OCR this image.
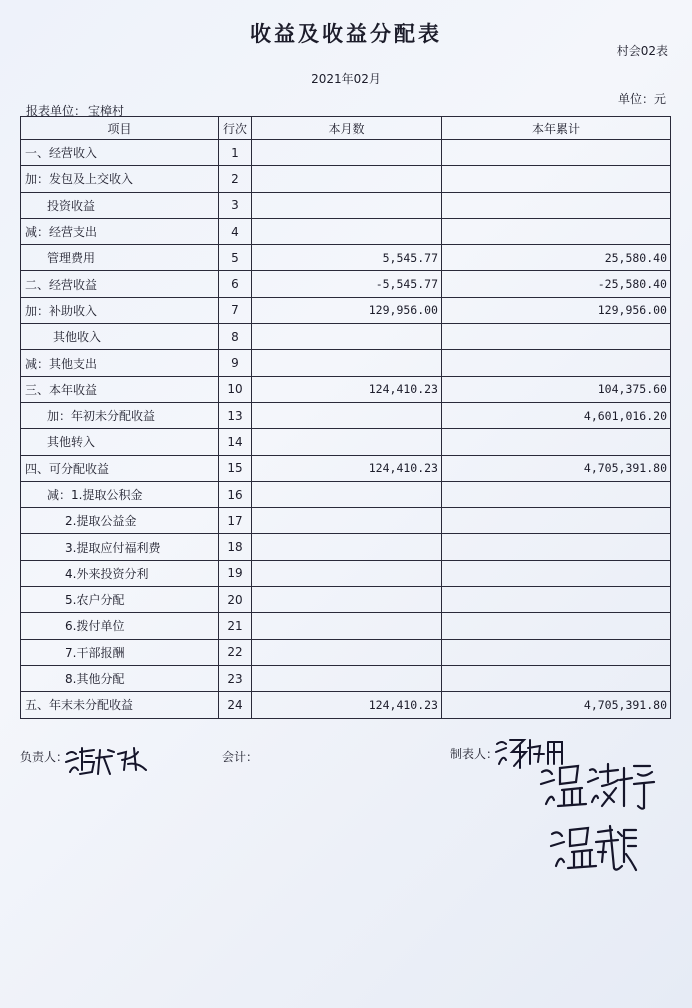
收益及收益分配表
村会02表
2021年02月
单位：元
报表单位： 宝樟村
项目	行次	本月数	本年累计
一、经营收入	1		
加：发包及上交收入	2		
投资收益	3		
减：经营支出	4		
管理费用	5	5,545.77	25,580.40
二、经营收益	6	-5,545.77	-25,580.40
加：补助收入	7	129,956.00	129,956.00
其他收入	8		
减：其他支出	9		
三、本年收益	10	124,410.23	104,375.60
加：年初未分配收益	13		4,601,016.20
其他转入	14		
四、可分配收益	15	124,410.23	4,705,391.80
减：1.提取公积金	16		
2.提取公益金	17		
3.提取应付福利费	18		
4.外来投资分利	19		
5.农户分配	20		
6.拨付单位	21		
7.干部报酬	22		
8.其他分配	23		
五、年末未分配收益	24	124,410.23	4,705,391.80
负责人：	会计：	制表人：
